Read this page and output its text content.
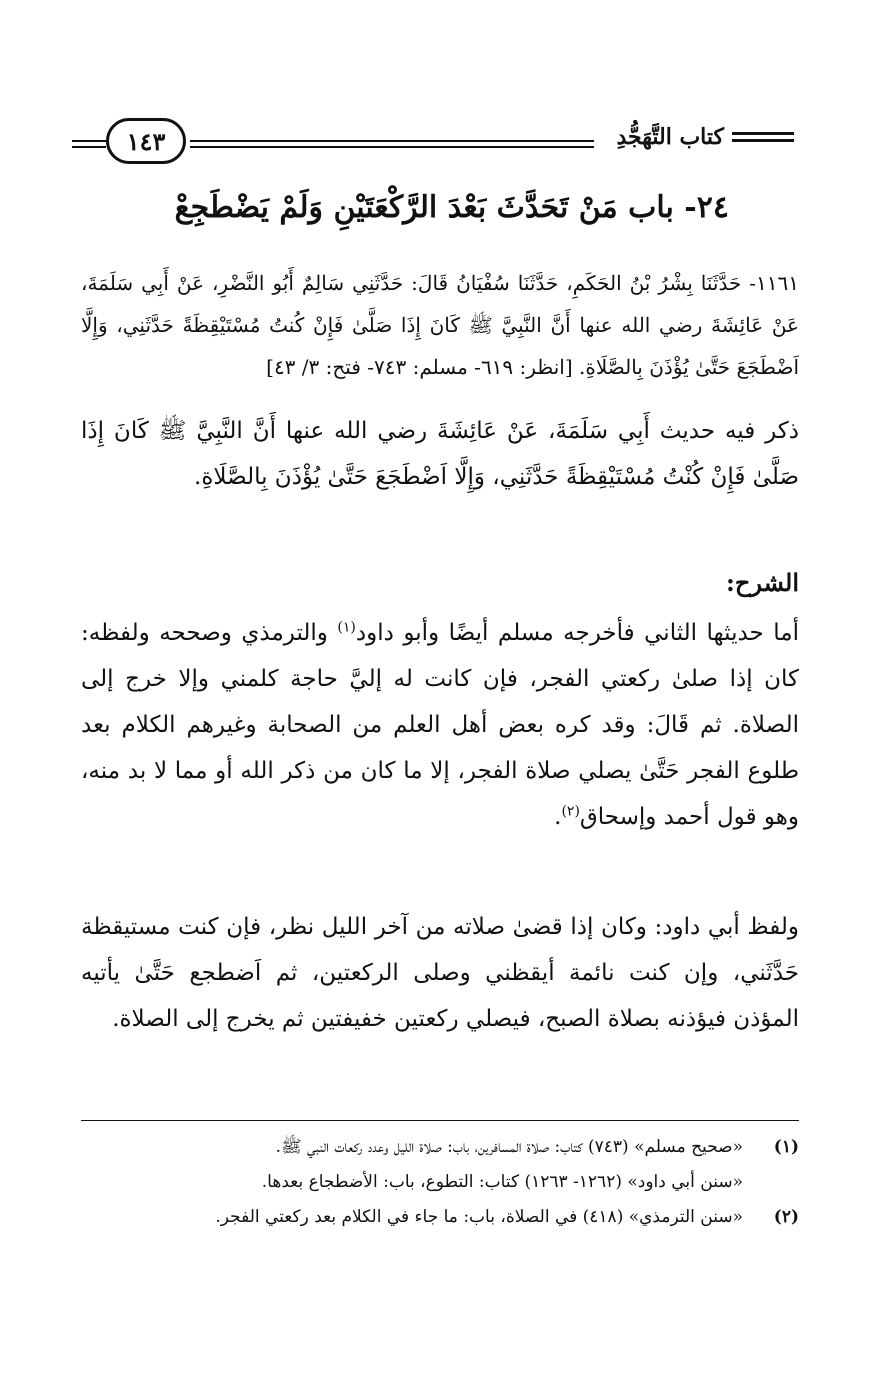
كتاب التَّهَجُّدِ
١٤٣
٢٤- باب مَنْ تَحَدَّثَ بَعْدَ الرَّكْعَتَيْنِ وَلَمْ يَضْطَجِعْ
١١٦١- حَدَّثَنَا بِشْرُ بْنُ الحَكَمِ، حَدَّثَنَا سُفْيَانُ قَالَ: حَدَّثَنِي سَالِمٌ أَبُو النَّضْرِ، عَنْ أَبِي سَلَمَةَ، عَنْ عَائِشَةَ رضي الله عنها أَنَّ النَّبِيَّ ﷺ كَانَ إِذَا صَلَّىٰ فَإِنْ كُنتُ مُسْتَيْقِظَةً حَدَّثَنِي، وَإِلَّا اَضْطَجَعَ حَتَّىٰ يُؤْذَنَ بِالصَّلَاةِ. [انظر: ٦١٩- مسلم: ٧٤٣- فتح: ٣/ ٤٣]
ذكر فيه حديث أَبِي سَلَمَةَ، عَنْ عَائِشَةَ رضي الله عنها أَنَّ النَّبِيَّ ﷺ كَانَ إِذَا صَلَّىٰ فَإِنْ كُنْتُ مُسْتَيْقِظَةً حَدَّثَنِي، وَإِلَّا اَضْطَجَعَ حَتَّىٰ يُؤْذَنَ بِالصَّلَاةِ.
الشرح:
أما حديثها الثاني فأخرجه مسلم أيضًا وأبو داود$^{(١)}$ والترمذي وصححه ولفظه: كان إذا صلىٰ ركعتي الفجر، فإن كانت له إليَّ حاجة كلمني وإلا خرج إلى الصلاة. ثم قَالَ: وقد كره بعض أهل العلم من الصحابة وغيرهم الكلام بعد طلوع الفجر حَتَّىٰ يصلي صلاة الفجر، إلا ما كان من ذكر الله أو مما لا بد منه، وهو قول أحمد وإسحاق$^{(٢)}$.
ولفظ أبي داود: وكان إذا قضىٰ صلاته من آخر الليل نظر، فإن كنت مستيقظة حَدَّثَني، وإن كنت نائمة أيقظني وصلى الركعتين، ثم اَضطجع حَتَّىٰ يأتيه المؤذن فيؤذنه بصلاة الصبح، فيصلي ركعتين خفيفتين ثم يخرج إلى الصلاة.
(١)
«صحيح مسلم» (٧٤٣) كتاب: صلاة المسافرين، باب: صلاة الليل وعدد ركعات النبي ﷺ.
«سنن أبي داود» (١٢٦٢- ١٢٦٣) كتاب: التطوع، باب: الأضطجاع بعدها.
(٢)
«سنن الترمذي» (٤١٨) في الصلاة، باب: ما جاء في الكلام بعد ركعتي الفجر.
